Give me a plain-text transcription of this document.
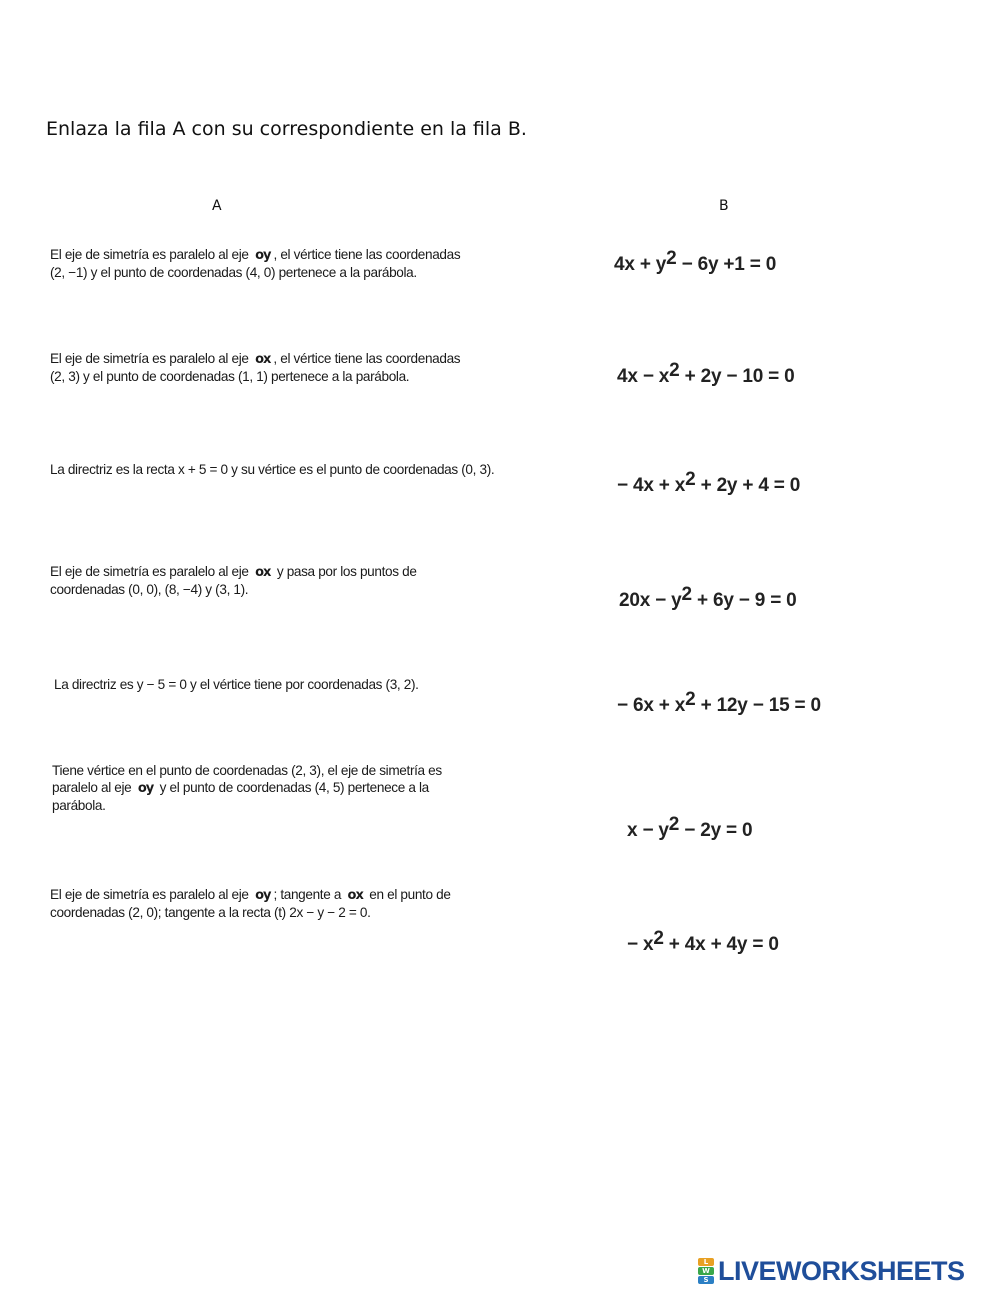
Enlaza la fila A con su correspondiente en la fila B.
A	B
El eje de simetría es paralelo al eje oy , el vértice tiene las coordenadas
(2, −1) y el punto de coordenadas (4, 0) pertenece a la parábola.
El eje de simetría es paralelo al eje ox , el vértice tiene las coordenadas
(2, 3) y el punto de coordenadas (1, 1) pertenece a la parábola.
La directriz es la recta x + 5 = 0 y su vértice es el punto de coordenadas (0, 3).
El eje de simetría es paralelo al eje ox y pasa por los puntos de
coordenadas (0, 0), (8, −4) y (3, 1).
La directriz es y − 5 = 0 y el vértice tiene por coordenadas (3, 2).
Tiene vértice en el punto de coordenadas (2, 3), el eje de simetría es
paralelo al eje oy y el punto de coordenadas (4, 5) pertenece a la
parábola.
El eje de simetría es paralelo al eje oy ; tangente a ox en el punto de
coordenadas (2, 0); tangente a la recta (t) 2x − y − 2 = 0.
$4x + y^2 - 6y +1 = 0$
$4x - x^2 + 2y - 10 = 0$
− $4x + x^2 + 2y + 4 = 0$
$20x - y^2 + 6y - 9 = 0$
− $6x + x^2 + 12y - 15 = 0$
$x - y^2 - 2y = 0$
− $x^2 + 4x + 4y = 0$
L
W
S LIVEWORKSHEETS
